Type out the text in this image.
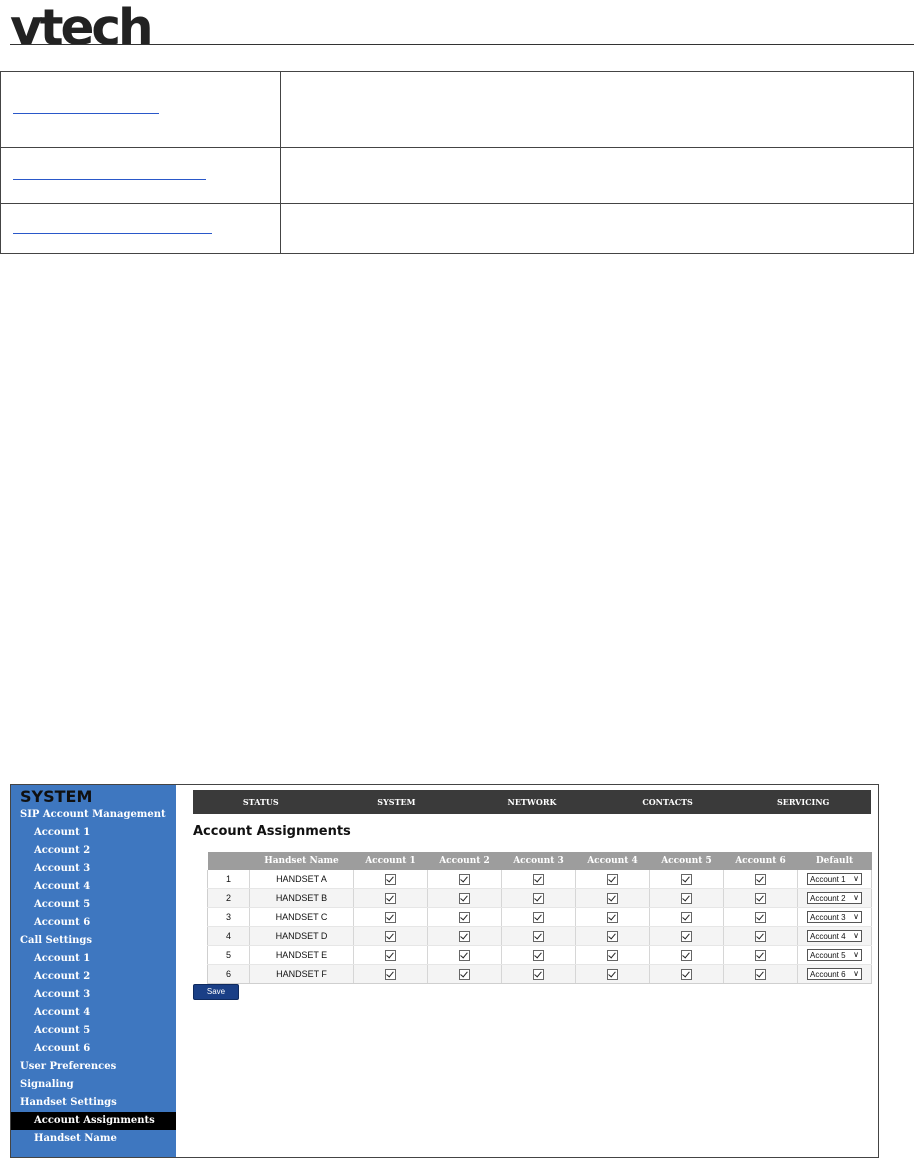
vtech

SYSTEM
SIP Account Management
Account 1
Account 2
Account 3
Account 4
Account 5
Account 6
Call Settings
Account 1
Account 2
Account 3
Account 4
Account 5
Account 6
User Preferences
Signaling
Handset Settings
Account Assignments
Handset Name
STATUS	SYSTEM	NETWORK	CONTACTS	SERVICING
Account Assignments
	Handset Name	Account 1	Account 2	Account 3	Account 4	Account 5	Account 6	Default
1	HANDSET A							Account 1 ∨

2	HANDSET B							Account 2 ∨

3	HANDSET C							Account 3 ∨

4	HANDSET D							Account 4 ∨

5	HANDSET E							Account 5 ∨

6	HANDSET F							Account 6 ∨
Save
